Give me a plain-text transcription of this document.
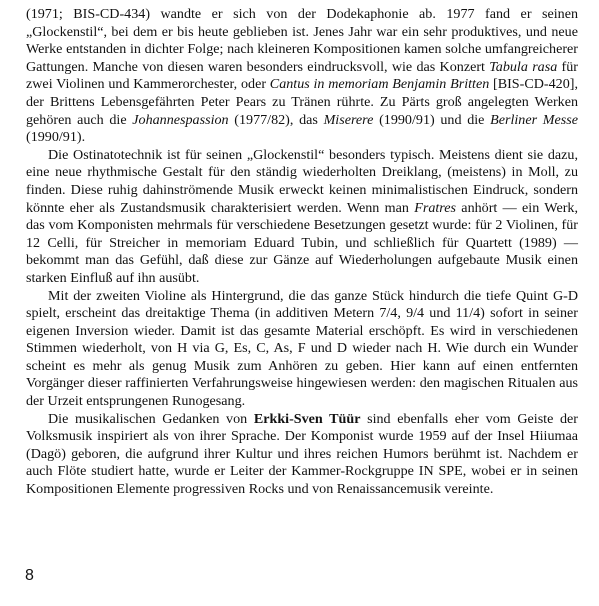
(1971; BIS-CD-434) wandte er sich von der Dodekaphonie ab. 1977 fand er seinen „Glockenstil“, bei dem er bis heute geblieben ist. Jenes Jahr war ein sehr produktives, und neue Werke entstanden in dichter Folge; nach kleineren Kompositionen kamen solche umfangreicherer Gattungen. Manche von diesen waren besonders eindrucksvoll, wie das Konzert Tabula rasa für zwei Violinen und Kammerorchester, oder Cantus in memoriam Benjamin Britten [BIS-CD-420], der Brittens Lebensgefährten Peter Pears zu Tränen rührte. Zu Pärts groß angelegten Werken gehören auch die Johannespassion (1977/82), das Miserere (1990/91) und die Berliner Messe (1990/91).

Die Ostinatotechnik ist für seinen „Glockenstil“ besonders typisch. Meistens dient sie dazu, eine neue rhythmische Gestalt für den ständig wiederholten Dreiklang, (meistens) in Moll, zu finden. Diese ruhig dahinströmende Musik erweckt keinen minimalistischen Eindruck, sondern könnte eher als Zustandsmusik charakterisiert werden. Wenn man Fratres anhört — ein Werk, das vom Komponisten mehrmals für verschiedene Besetzungen gesetzt wurde: für 2 Violinen, für 12 Celli, für Streicher in memoriam Eduard Tubin, und schließlich für Quartett (1989) — bekommt man das Gefühl, daß diese zur Gänze auf Wiederholungen aufgebaute Musik einen starken Einfluß auf ihn ausübt.

Mit der zweiten Violine als Hintergrund, die das ganze Stück hindurch die tiefe Quint G-D spielt, erscheint das dreitaktige Thema (in additiven Metern 7/4, 9/4 und 11/4) sofort in seiner eigenen Inversion wieder. Damit ist das gesamte Material erschöpft. Es wird in verschiedenen Stimmen wiederholt, von H via G, Es, C, As, F und D wieder nach H. Wie durch ein Wunder scheint es mehr als genug Musik zum Anhören zu geben. Hier kann auf einen entfernten Vorgänger dieser raffinierten Verfahrungsweise hingewiesen werden: den magischen Ritualen aus der Urzeit entsprungenen Runogesang.

Die musikalischen Gedanken von Erkki-Sven Tüür sind ebenfalls eher vom Geiste der Volksmusik inspiriert als von ihrer Sprache. Der Komponist wurde 1959 auf der Insel Hiiumaa (Dagö) geboren, die aufgrund ihrer Kultur und ihres reichen Humors berühmt ist. Nachdem er auch Flöte studiert hatte, wurde er Leiter der Kammer-Rockgruppe IN SPE, wobei er in seinen Kompositionen Elemente progressiven Rocks und von Renaissancemusik vereinte.

8
